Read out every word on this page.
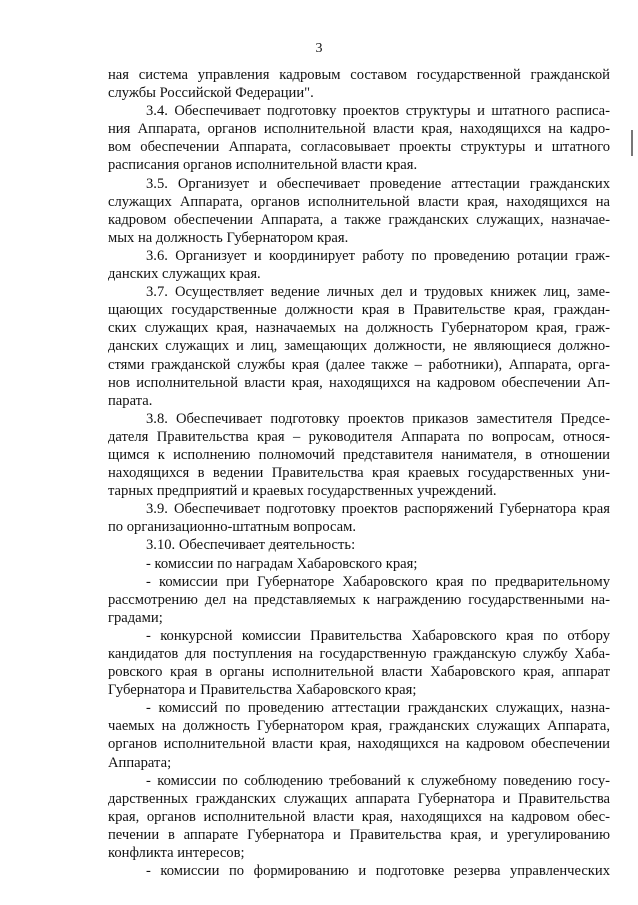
3
ная система управления кадровым составом государственной гражданской
службы Российской Федерации".
3.4. Обеспечивает подготовку проектов структуры и штатного расписа-
ния Аппарата, органов исполнительной власти края, находящихся на кадро-
вом обеспечении Аппарата, согласовывает проекты структуры и штатного
расписания органов исполнительной власти края.
3.5. Организует и обеспечивает проведение аттестации гражданских
служащих Аппарата, органов исполнительной власти края, находящихся на
кадровом обеспечении Аппарата, а также гражданских служащих, назначае-
мых на должность Губернатором края.
3.6. Организует и координирует работу по проведению ротации граж-
данских служащих края.
3.7. Осуществляет ведение личных дел и трудовых книжек лиц, заме-
щающих государственные должности края в Правительстве края, граждан-
ских служащих края, назначаемых на должность Губернатором края, граж-
данских служащих и лиц, замещающих должности, не являющиеся должно-
стями гражданской службы края (далее также – работники), Аппарата, орга-
нов исполнительной власти края, находящихся на кадровом обеспечении Ап-
парата.
3.8. Обеспечивает подготовку проектов приказов заместителя Предсе-
дателя Правительства края – руководителя Аппарата по вопросам, относя-
щимся к исполнению полномочий представителя нанимателя, в отношении
находящихся в ведении Правительства края краевых государственных уни-
тарных предприятий и краевых государственных учреждений.
3.9. Обеспечивает подготовку проектов распоряжений Губернатора края
по организационно-штатным вопросам.
3.10. Обеспечивает деятельность:
- комиссии по наградам Хабаровского края;
- комиссии при Губернаторе Хабаровского края по предварительному
рассмотрению дел на представляемых к награждению государственными на-
градами;
- конкурсной комиссии Правительства Хабаровского края по отбору
кандидатов для поступления на государственную гражданскую службу Хаба-
ровского края в органы исполнительной власти Хабаровского края, аппарат
Губернатора и Правительства Хабаровского края;
- комиссий по проведению аттестации гражданских служащих, назна-
чаемых на должность Губернатором края, гражданских служащих Аппарата,
органов исполнительной власти края, находящихся на кадровом обеспечении
Аппарата;
- комиссии по соблюдению требований к служебному поведению госу-
дарственных гражданских служащих аппарата Губернатора и Правительства
края, органов исполнительной власти края, находящихся на кадровом обес-
печении в аппарате Губернатора и Правительства края, и урегулированию
конфликта интересов;
- комиссии по формированию и подготовке резерва управленческих
